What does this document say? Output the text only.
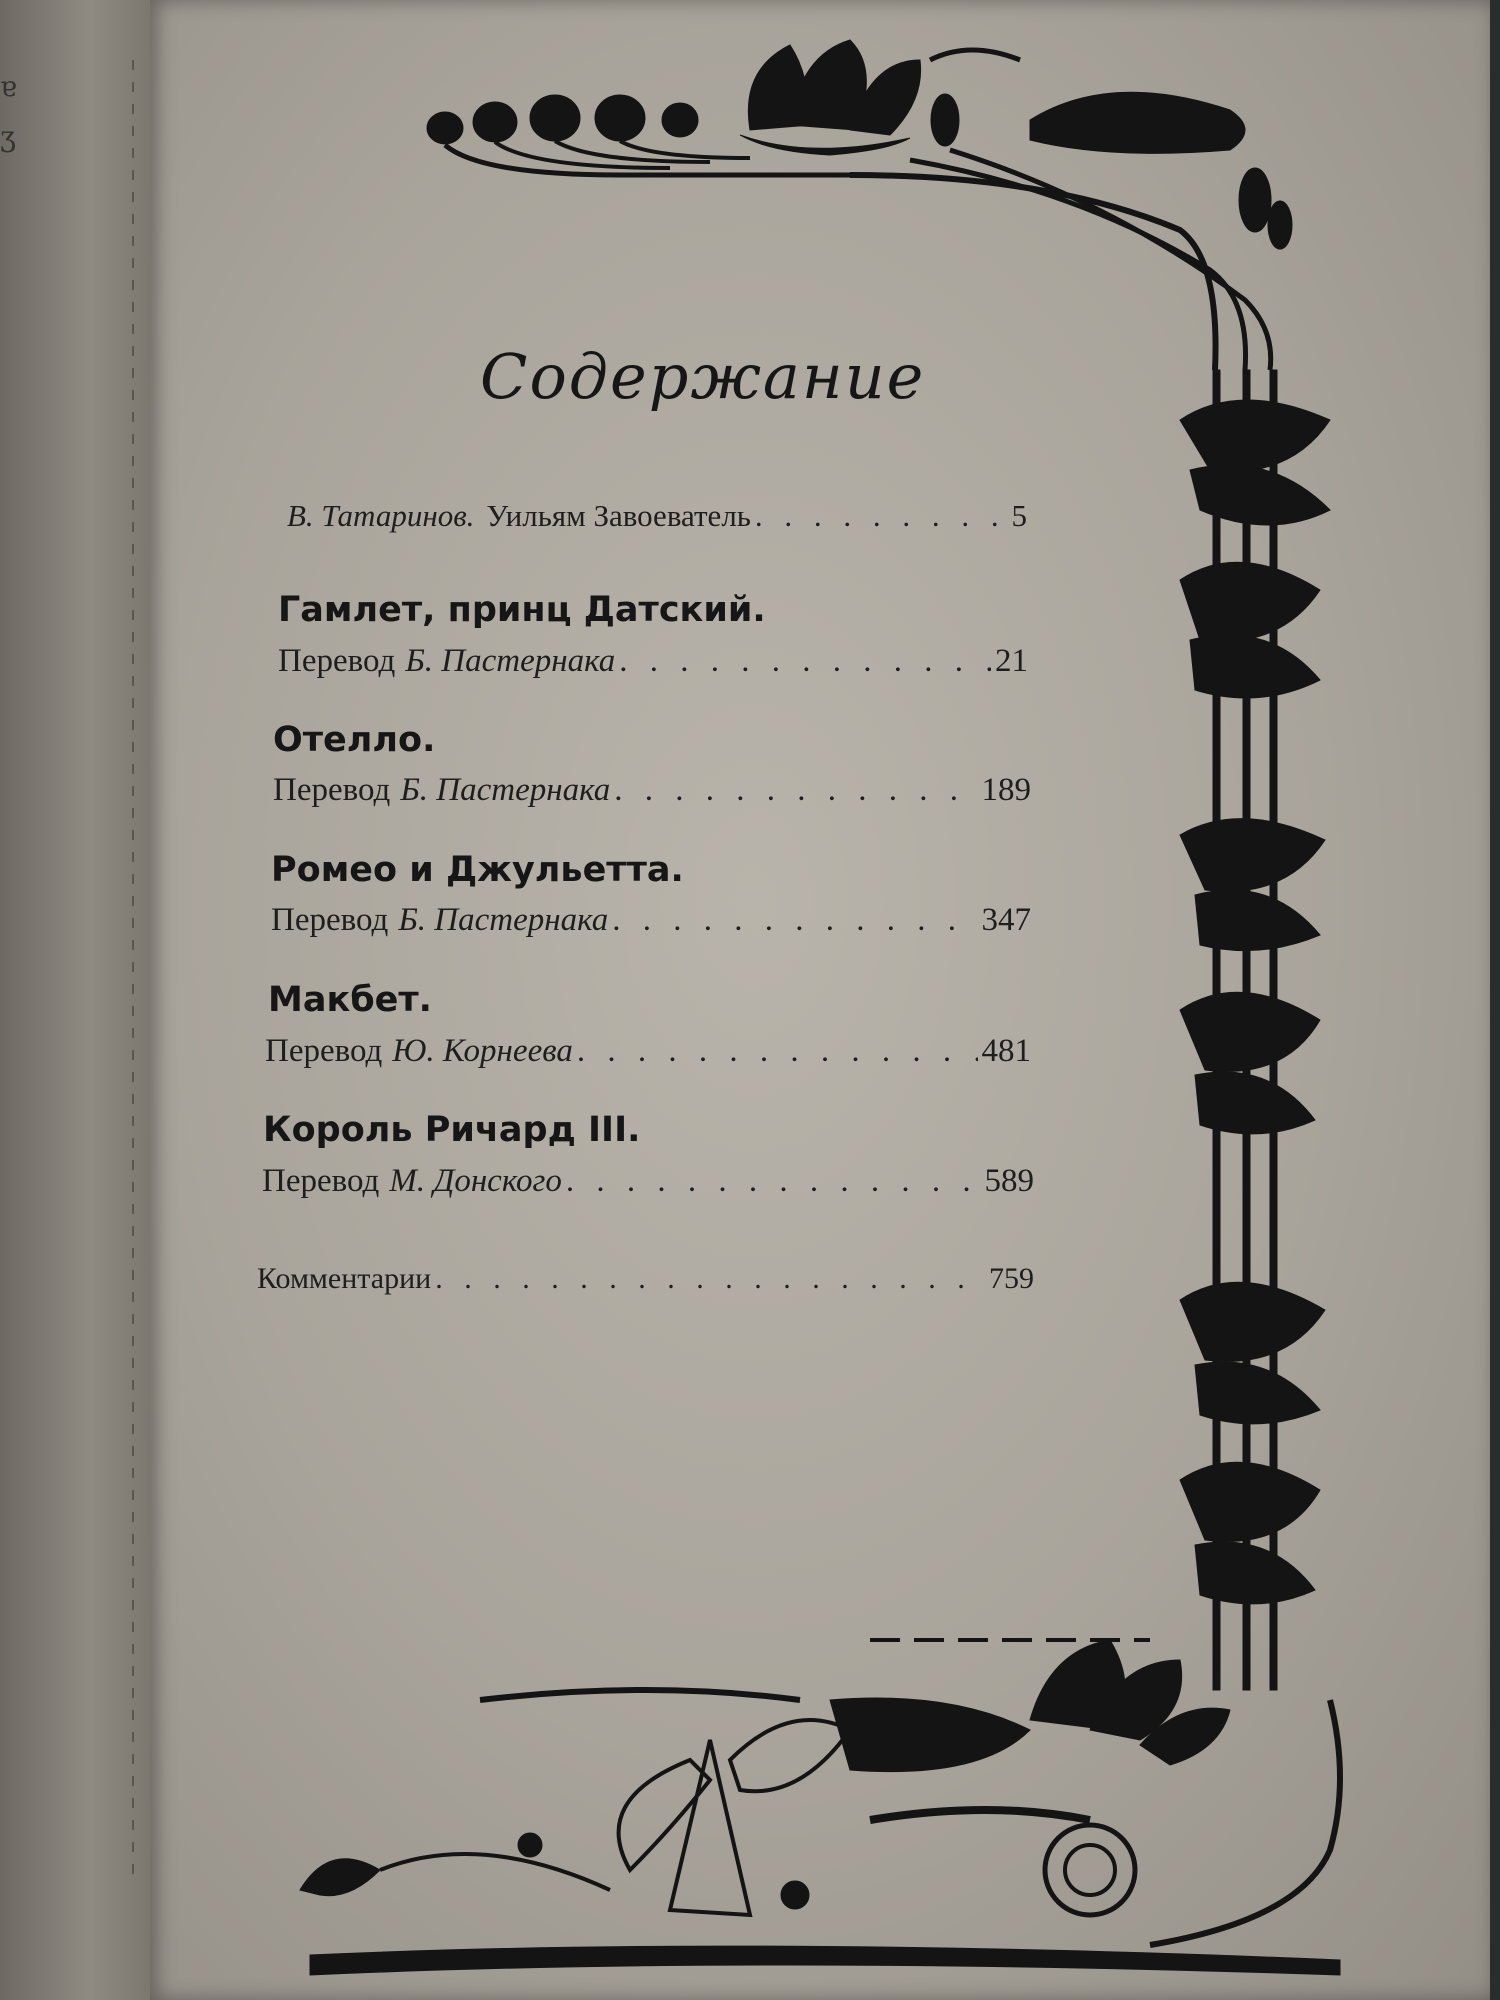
ɐ
ʒ
Содержание
В. Татаринов. Уильям Завоеватель . . .	5
Гамлет, принц Датский.
Перевод Б. Пастернака . . .	21
Отелло.
Перевод Б. Пастернака . . .	189
Ромео и Джульетта.
Перевод Б. Пастернака . . .	347
Макбет.
Перевод Ю. Корнеева . . .	481
Король Ричард III.
Перевод М. Донского . . .	589
Комментарии . . .	759
